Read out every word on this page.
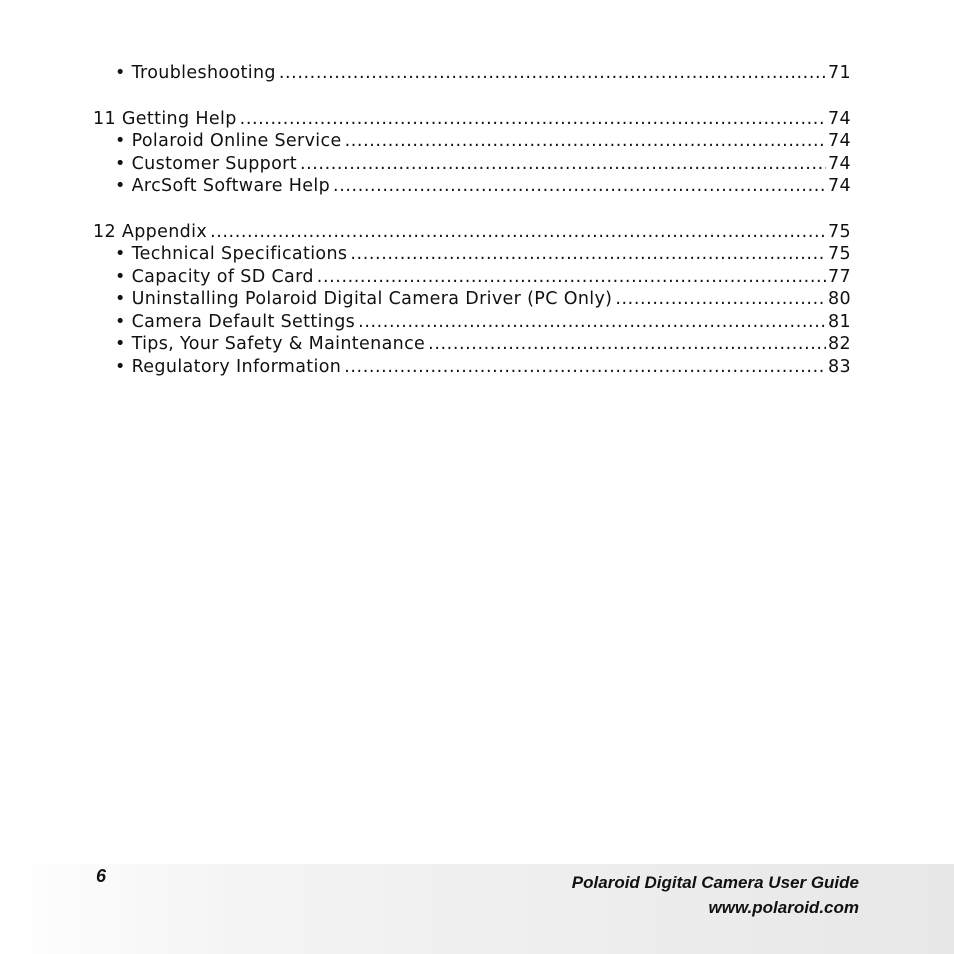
• Troubleshooting .....	71
11 Getting Help .....	74
• Polaroid Online Service .....	74
• Customer Support .....	74
• ArcSoft Software Help .....	74
12 Appendix .....	75
• Technical Specifications .....	75
• Capacity of SD Card .....	77
• Uninstalling Polaroid Digital Camera Driver (PC Only) .....	80
• Camera Default Settings .....	81
• Tips, Your Safety & Maintenance .....	82
• Regulatory Information .....	83
6	Polaroid Digital Camera User Guide
www.polaroid.com
